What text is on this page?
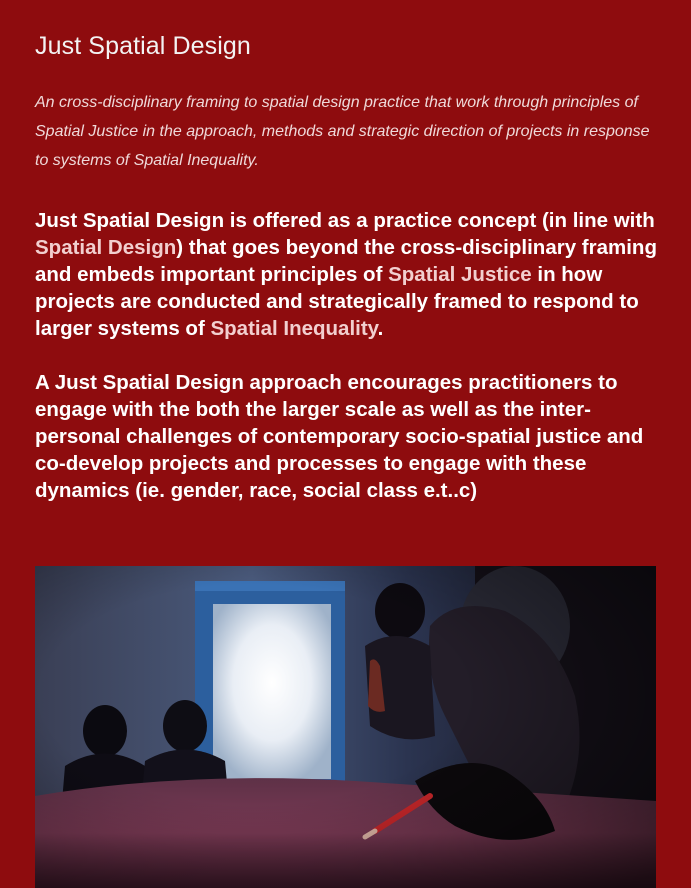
Just Spatial Design

An cross-disciplinary framing to spatial design practice that work through principles of Spatial Justice in the approach, methods and strategic direction of projects in response to systems of Spatial Inequality.

Just Spatial Design is offered as a practice concept (in line with Spatial Design) that goes beyond the cross-disciplinary framing and embeds important principles of Spatial Justice in how projects are conducted and strategically framed to respond to larger systems of Spatial Inequality.

A Just Spatial Design approach encourages practitioners to engage with the both the larger scale as well as the inter-personal challenges of contemporary socio-spatial justice and co-develop projects and processes to engage with these dynamics (ie. gender, race, social class e.t..c)
